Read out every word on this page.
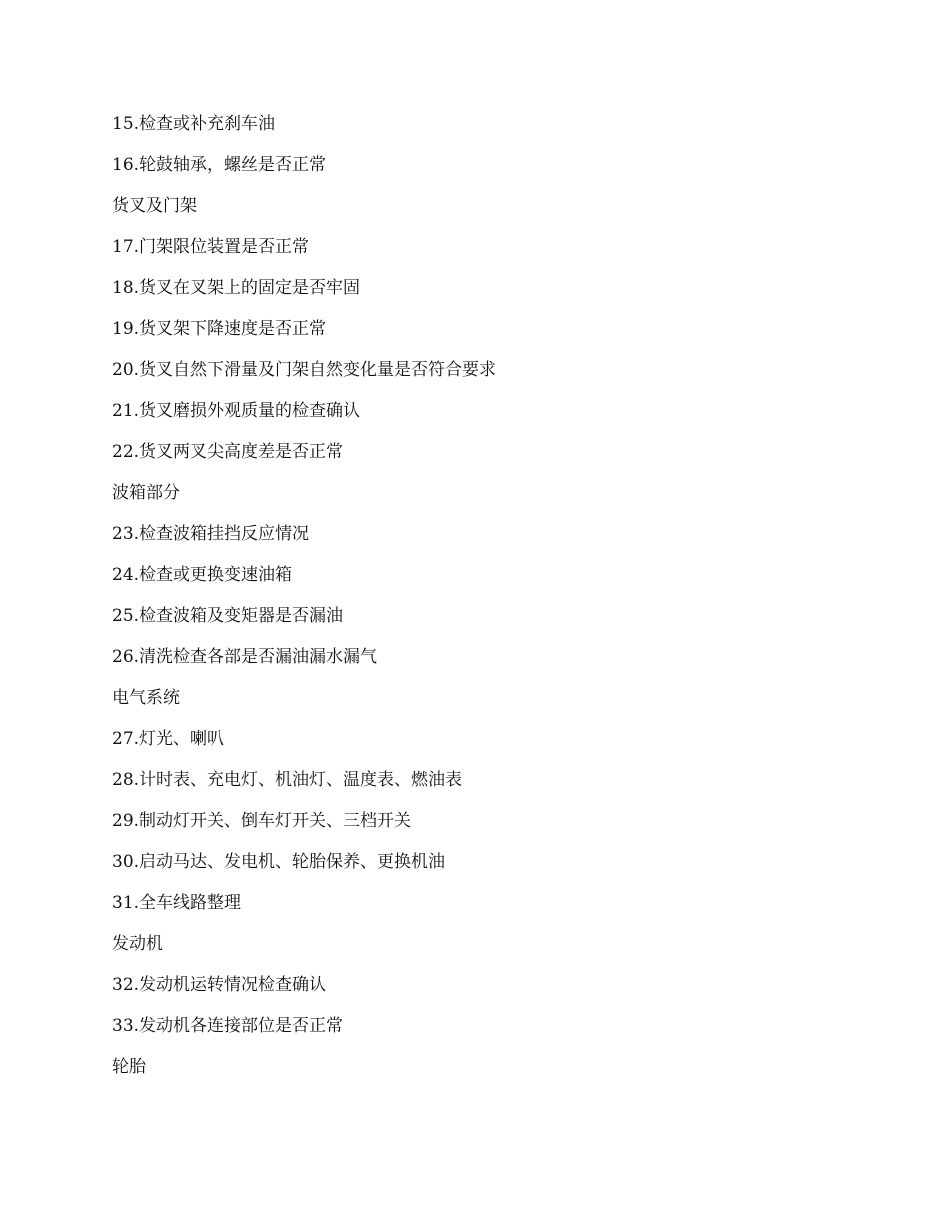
15.检查或补充刹车油

16.轮鼓轴承，螺丝是否正常

货叉及门架

17.门架限位装置是否正常

18.货叉在叉架上的固定是否牢固

19.货叉架下降速度是否正常

20.货叉自然下滑量及门架自然变化量是否符合要求

21.货叉磨损外观质量的检查确认

22.货叉两叉尖高度差是否正常

波箱部分

23.检查波箱挂挡反应情况

24.检查或更换变速油箱

25.检查波箱及变矩器是否漏油

26.清洗检查各部是否漏油漏水漏气

电气系统

27.灯光、喇叭

28.计时表、充电灯、机油灯、温度表、燃油表

29.制动灯开关、倒车灯开关、三档开关

30.启动马达、发电机、轮胎保养、更换机油

31.全车线路整理

发动机

32.发动机运转情况检查确认

33.发动机各连接部位是否正常

轮胎
